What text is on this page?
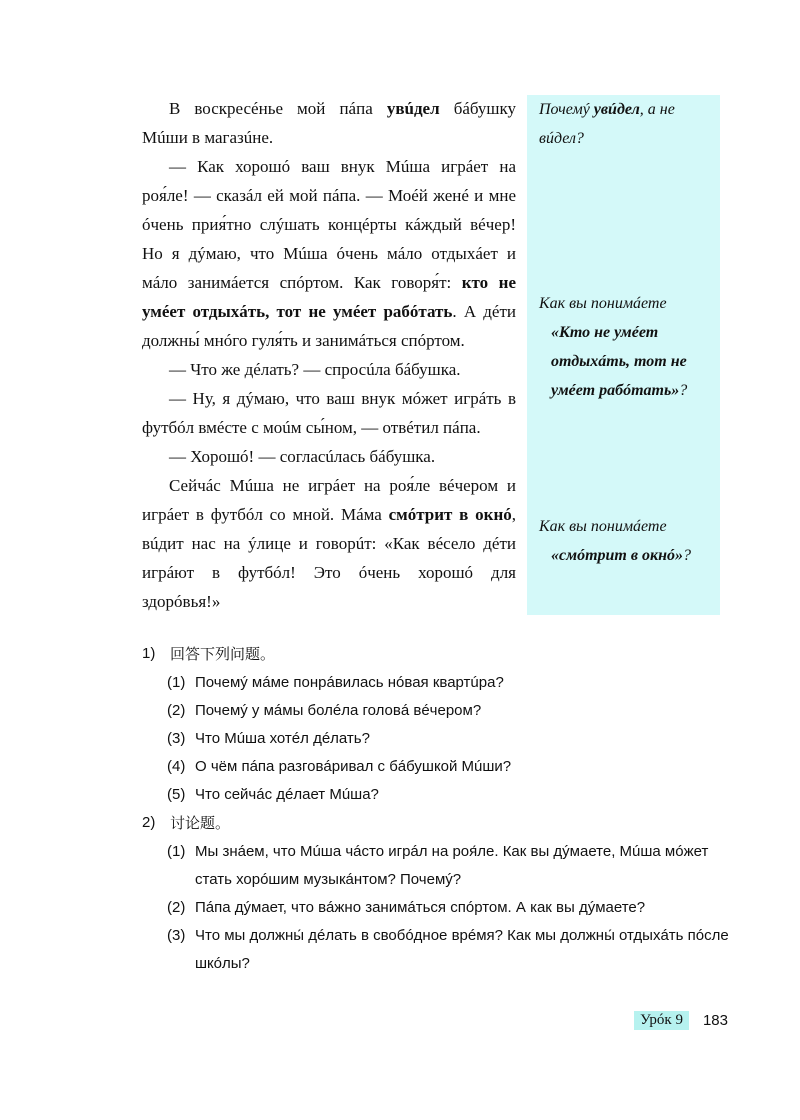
В воскресéнье мой пáпа увúдел бáбушку Мúши в магазúне.

— Как хорошó ваш внук Мúша игрáет на рoя́ле! — сказáл ей мой пáпа. — Моéй женé и мне óчень прия́тно слýшать концéрты кáждый вéчер! Но я дýмаю, что Мúша óчень мáло отдыхáет и мáло занимáется спóртом. Как говоря́т: кто не умéет отдыхáть, тот не умéет рабóтать. А дéти должны́ мнóго гуля́ть и занимáться спóртом.

— Что же дéлать? — спросúла бáбушка.

— Ну, я дýмаю, что ваш внук мóжет игрáть в футбóл вмéсте с моúм сы́ном, — отвéтил пáпа.

— Хорошó! — согласúлась бáбушка.

Сейчáс Мúша не игрáет на рoя́ле вéчером и игрáет в футбóл со мной. Мáма смóтрит в окнó, вúдит нас на ýлице и говорúт: «Как вéсело дéти игрáют в футбóл! Это óчень хорошó для здорóвья!»

Почемý увúдел, а не вúдел?
Как вы понимáете
«Кто не умéет отдыхáть, тот не умéет рабóтать»?
Как вы понимáете
«смóтрит в окнó»?
1) 回答下列问题。
(1) Почемý мáме понрáвилась нóвая квартúра?
(2) Почемý у мáмы болéла головá вéчером?
(3) Что Мúша хотéл дéлать?
(4) О чём пáпа разговáривал с бáбушкой Мúши?
(5) Что сейчáс дéлает Мúша?
2) 讨论题。
(1) Мы знáем, что Мúша чáсто игрáл на рoя́ле. Как вы дýмаете, Мúша мóжет стать хорóшим музыкáнтом? Почемý?
(2) Пáпа дýмает, что вáжно занимáться спóртом. А как вы дýмаете?
(3) Что мы должны́ дéлать в свобóдное врéмя? Как мы должны́ отдыхáть пóсле шкóлы?
Урóк 9	183
